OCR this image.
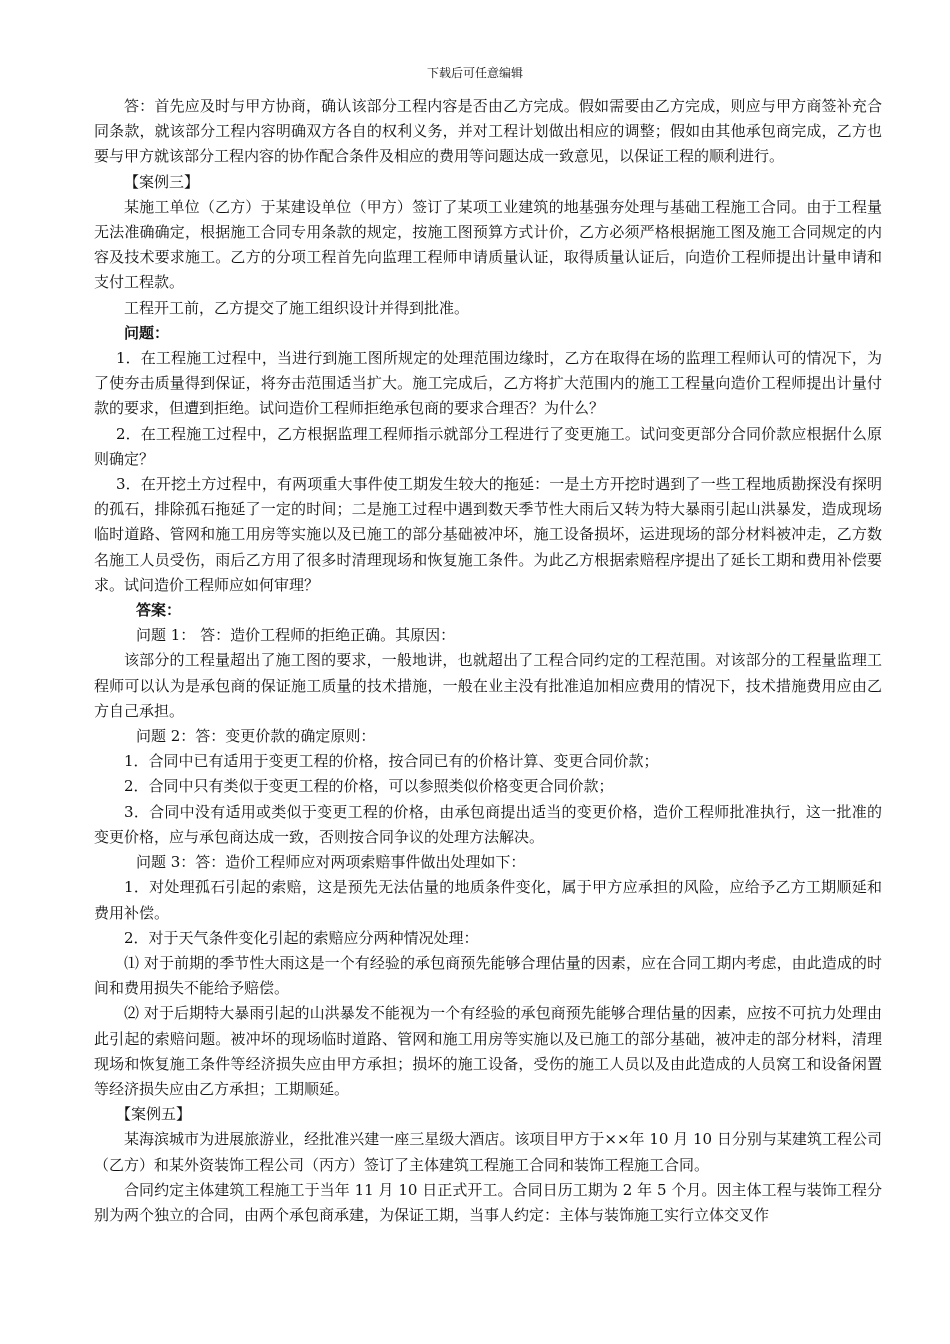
下载后可任意编辑

答：首先应及时与甲方协商，确认该部分工程内容是否由乙方完成。假如需要由乙方完成，则应与甲方商签补充合同条款，就该部分工程内容明确双方各自的权利义务，并对工程计划做出相应的调整；假如由其他承包商完成，乙方也要与甲方就该部分工程内容的协作配合条件及相应的费用等问题达成一致意见，以保证工程的顺利进行。

【案例三】

某施工单位（乙方）于某建设单位（甲方）签订了某项工业建筑的地基强夯处理与基础工程施工合同。由于工程量无法准确确定，根据施工合同专用条款的规定，按施工图预算方式计价，乙方必须严格根据施工图及施工合同规定的内容及技术要求施工。乙方的分项工程首先向监理工程师申请质量认证，取得质量认证后，向造价工程师提出计量申请和支付工程款。

工程开工前，乙方提交了施工组织设计并得到批准。

问题：

1．在工程施工过程中，当进行到施工图所规定的处理范围边缘时，乙方在取得在场的监理工程师认可的情况下，为了使夯击质量得到保证，将夯击范围适当扩大。施工完成后，乙方将扩大范围内的施工工程量向造价工程师提出计量付款的要求，但遭到拒绝。试问造价工程师拒绝承包商的要求合理否？为什么？

2．在工程施工过程中，乙方根据监理工程师指示就部分工程进行了变更施工。试问变更部分合同价款应根据什么原则确定？

3．在开挖土方过程中，有两项重大事件使工期发生较大的拖延：一是土方开挖时遇到了一些工程地质勘探没有探明的孤石，排除孤石拖延了一定的时间；二是施工过程中遇到数天季节性大雨后又转为特大暴雨引起山洪暴发，造成现场临时道路、管网和施工用房等实施以及已施工的部分基础被冲坏，施工设备损坏，运进现场的部分材料被冲走，乙方数名施工人员受伤，雨后乙方用了很多时清理现场和恢复施工条件。为此乙方根据索赔程序提出了延长工期和费用补偿要求。试问造价工程师应如何审理？

答案：

问题 1： 答：造价工程师的拒绝正确。其原因：

该部分的工程量超出了施工图的要求，一般地讲，也就超出了工程合同约定的工程范围。对该部分的工程量监理工程师可以认为是承包商的保证施工质量的技术措施，一般在业主没有批准追加相应费用的情况下，技术措施费用应由乙方自己承担。

问题 2：答：变更价款的确定原则：

1．合同中已有适用于变更工程的价格，按合同已有的价格计算、变更合同价款；

2．合同中只有类似于变更工程的价格，可以参照类似价格变更合同价款；

3．合同中没有适用或类似于变更工程的价格，由承包商提出适当的变更价格，造价工程师批准执行，这一批准的变更价格，应与承包商达成一致，否则按合同争议的处理方法解决。

问题 3：答：造价工程师应对两项索赔事件做出处理如下：

1．对处理孤石引起的索赔，这是预先无法估量的地质条件变化，属于甲方应承担的风险，应给予乙方工期顺延和费用补偿。

2．对于天气条件变化引起的索赔应分两种情况处理：

⑴ 对于前期的季节性大雨这是一个有经验的承包商预先能够合理估量的因素，应在合同工期内考虑，由此造成的时间和费用损失不能给予赔偿。

⑵ 对于后期特大暴雨引起的山洪暴发不能视为一个有经验的承包商预先能够合理估量的因素，应按不可抗力处理由此引起的索赔问题。被冲坏的现场临时道路、管网和施工用房等实施以及已施工的部分基础，被冲走的部分材料，清理现场和恢复施工条件等经济损失应由甲方承担；损坏的施工设备，受伤的施工人员以及由此造成的人员窝工和设备闲置等经济损失应由乙方承担；工期顺延。

【案例五】

某海滨城市为进展旅游业，经批准兴建一座三星级大酒店。该项目甲方于××年 10 月 10 日分别与某建筑工程公司（乙方）和某外资装饰工程公司（丙方）签订了主体建筑工程施工合同和装饰工程施工合同。

合同约定主体建筑工程施工于当年 11 月 10 日正式开工。合同日历工期为 2 年 5 个月。因主体工程与装饰工程分别为两个独立的合同，由两个承包商承建，为保证工期，当事人约定：主体与装饰施工实行立体交叉作
